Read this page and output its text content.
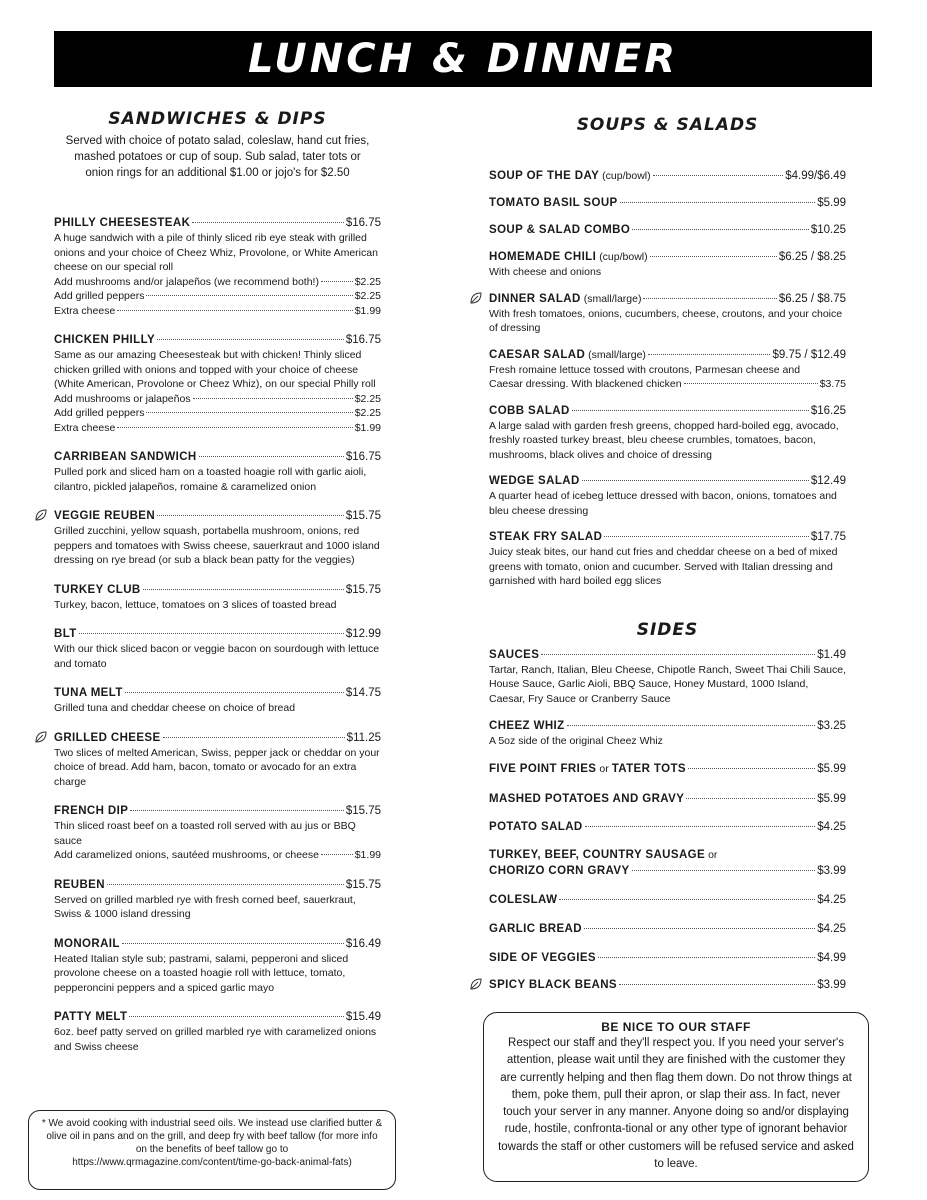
LUNCH & DINNER
SANDWICHES & DIPS
Served with choice of potato salad, coleslaw, hand cut fries, mashed potatoes or cup of soup. Sub salad, tater tots or onion rings for an additional $1.00 or jojo's for $2.50
PHILLY CHEESESTEAK	$16.75
A huge sandwich with a pile of thinly sliced rib eye steak with grilled onions and your choice of Cheez Whiz, Provolone, or White American cheese on our special roll
Add mushrooms and/or jalapeños (we recommend both!)	$2.25
Add grilled peppers	$2.25
Extra cheese	$1.99
CHICKEN PHILLY	$16.75
Same as our amazing Cheesesteak but with chicken! Thinly sliced chicken grilled with onions and topped with your choice of cheese (White American, Provolone or Cheez Whiz), on our special Philly roll
Add mushrooms or jalapeños	$2.25
Add grilled peppers	$2.25
Extra cheese	$1.99
CARRIBEAN SANDWICH	$16.75
Pulled pork and sliced ham on a toasted hoagie roll with garlic aioli, cilantro, pickled jalapeños, romaine & caramelized onion
VEGGIE REUBEN	$15.75
Grilled zucchini, yellow squash, portabella mushroom, onions, red peppers and tomatoes with Swiss cheese, sauerkraut and 1000 island dressing on rye bread (or sub a black bean patty for the veggies)
TURKEY CLUB	$15.75
Turkey, bacon, lettuce, tomatoes on 3 slices of toasted bread
BLT	$12.99
With our thick sliced bacon or veggie bacon on sourdough with lettuce and tomato
TUNA MELT	$14.75
Grilled tuna and cheddar cheese on choice of bread
GRILLED CHEESE	$11.25
Two slices of melted American, Swiss, pepper jack or cheddar on your choice of bread. Add ham, bacon, tomato or avocado for an extra charge
FRENCH DIP	$15.75
Thin sliced roast beef on a toasted roll served with au jus or BBQ sauce
Add caramelized onions, sautéed mushrooms, or cheese	$1.99
REUBEN	$15.75
Served on grilled marbled rye with fresh corned beef, sauerkraut, Swiss & 1000 island dressing
MONORAIL	$16.49
Heated Italian style sub; pastrami, salami, pepperoni and sliced provolone cheese on a toasted hoagie roll with lettuce, tomato, pepperoncini peppers and a spiced garlic mayo
PATTY MELT	$15.49
6oz. beef patty served on grilled marbled rye with caramelized onions and Swiss cheese
* We avoid cooking with industrial seed oils. We instead use clarified butter & olive oil in pans and on the grill, and deep fry with beef tallow (for more info on the benefits of beef tallow go to https://www.qrmagazine.com/content/time-go-back-animal-fats)
SOUPS & SALADS
SOUP OF THE DAY (cup/bowl)	$4.99/$6.49
TOMATO BASIL SOUP	$5.99
SOUP & SALAD COMBO	$10.25
HOMEMADE CHILI (cup/bowl)	$6.25 / $8.25
With cheese and onions
DINNER SALAD (small/large)	$6.25 / $8.75
With fresh tomatoes, onions, cucumbers, cheese, croutons, and your choice of dressing
CAESAR SALAD (small/large)	$9.75 / $12.49
Fresh romaine lettuce tossed with croutons, Parmesan cheese and
Caesar dressing. With blackened chicken	$3.75
COBB SALAD	$16.25
A large salad with garden fresh greens, chopped hard-boiled egg, avocado, freshly roasted turkey breast, bleu cheese crumbles, tomatoes, bacon, mushrooms, black olives and choice of dressing
WEDGE SALAD	$12.49
A quarter head of icebeg lettuce dressed with bacon, onions, tomatoes and bleu cheese dressing
STEAK FRY SALAD	$17.75
Juicy steak bites, our hand cut fries and cheddar cheese on a bed of mixed greens with tomato, onion and cucumber. Served with Italian dressing and garnished with hard boiled egg slices
SIDES
SAUCES	$1.49
Tartar, Ranch, Italian, Bleu Cheese, Chipotle Ranch, Sweet Thai Chili Sauce, House Sauce, Garlic Aioli, BBQ Sauce, Honey Mustard, 1000 Island, Caesar, Fry Sauce or Cranberry Sauce
CHEEZ WHIZ	$3.25
A 5oz side of the original Cheez Whiz
FIVE POINT FRIES or TATER TOTS	$5.99
MASHED POTATOES AND GRAVY	$5.99
POTATO SALAD	$4.25
TURKEY, BEEF, COUNTRY SAUSAGE or
CHORIZO CORN GRAVY	$3.99
COLESLAW	$4.25
GARLIC BREAD	$4.25
SIDE OF VEGGIES	$4.99
SPICY BLACK BEANS	$3.99
BE NICE TO OUR STAFF
Respect our staff and they'll respect you. If you need your server's attention, please wait until they are finished with the customer they are currently helping and then flag them down. Do not throw things at them, poke them, pull their apron, or slap their ass. In fact, never touch your server in any manner. Anyone doing so and/or displaying rude, hostile, confronta-tional or any other type of ignorant behavior towards the staff or other customers will be refused service and asked to leave.
